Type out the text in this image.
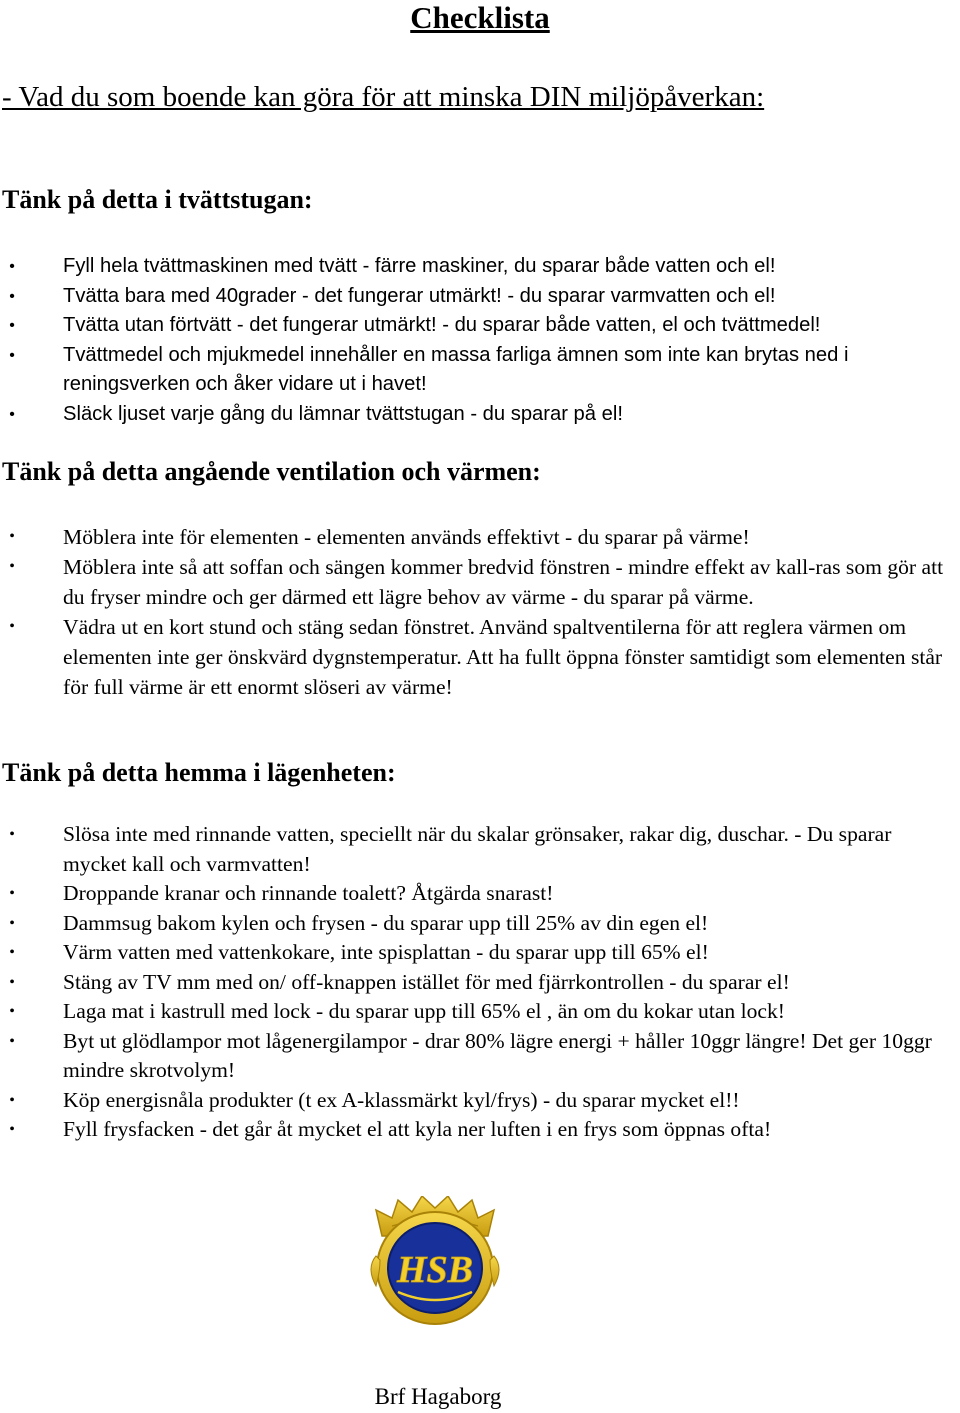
Checklista

- Vad du som boende kan göra för att minska DIN miljöpåverkan:

Tänk på detta i tvättstugan:
•	Fyll hela tvättmaskinen med tvätt - färre maskiner, du sparar både vatten och el!
•	Tvätta bara med 40grader - det fungerar utmärkt! - du sparar varmvatten och el!
•	Tvätta utan förtvätt - det fungerar utmärkt! - du sparar både vatten, el och tvättmedel!
•	Tvättmedel och mjukmedel innehåller en massa farliga ämnen som inte kan brytas ned i reningsverken och åker vidare ut i havet!
•	Släck ljuset varje gång du lämnar tvättstugan - du sparar på el!
Tänk på detta angående ventilation och värmen:
•	Möblera inte för elementen - elementen används effektivt - du sparar på värme!
•	Möblera inte så att soffan och sängen kommer bredvid fönstren - mindre effekt av kall-ras som gör att du fryser mindre och ger därmed ett lägre behov av värme - du sparar på värme.
•	Vädra ut en kort stund och stäng sedan fönstret. Använd spaltventilerna för att reglera värmen om elementen inte ger önskvärd dygnstemperatur. Att ha fullt öppna fönster samtidigt som elementen står för full värme är ett enormt slöseri av värme!
Tänk på detta hemma i lägenheten:
•	Slösa inte med rinnande vatten, speciellt när du skalar grönsaker, rakar dig, duschar. - Du sparar mycket kall och varmvatten!
•	Droppande kranar och rinnande toalett? Åtgärda snarast!
•	Dammsug bakom kylen och frysen - du sparar upp till 25% av din egen el!
•	Värm vatten med vattenkokare, inte spisplattan - du sparar upp till 65% el!
•	Stäng av TV mm med on/ off-knappen istället för med fjärrkontrollen - du sparar el!
•	Laga mat i kastrull med lock - du sparar upp till 65% el , än om du kokar utan lock!
•	Byt ut glödlampor mot lågenergilampor - drar 80% lägre energi + håller 10ggr längre! Det ger 10ggr mindre skrotvolym!
•	Köp energisnåla produkter (t ex A-klassmärkt kyl/frys) - du sparar mycket el!!
•	Fyll frysfacken - det går åt mycket el att kyla ner luften i en frys som öppnas ofta!
HSB

Brf Hagaborg
